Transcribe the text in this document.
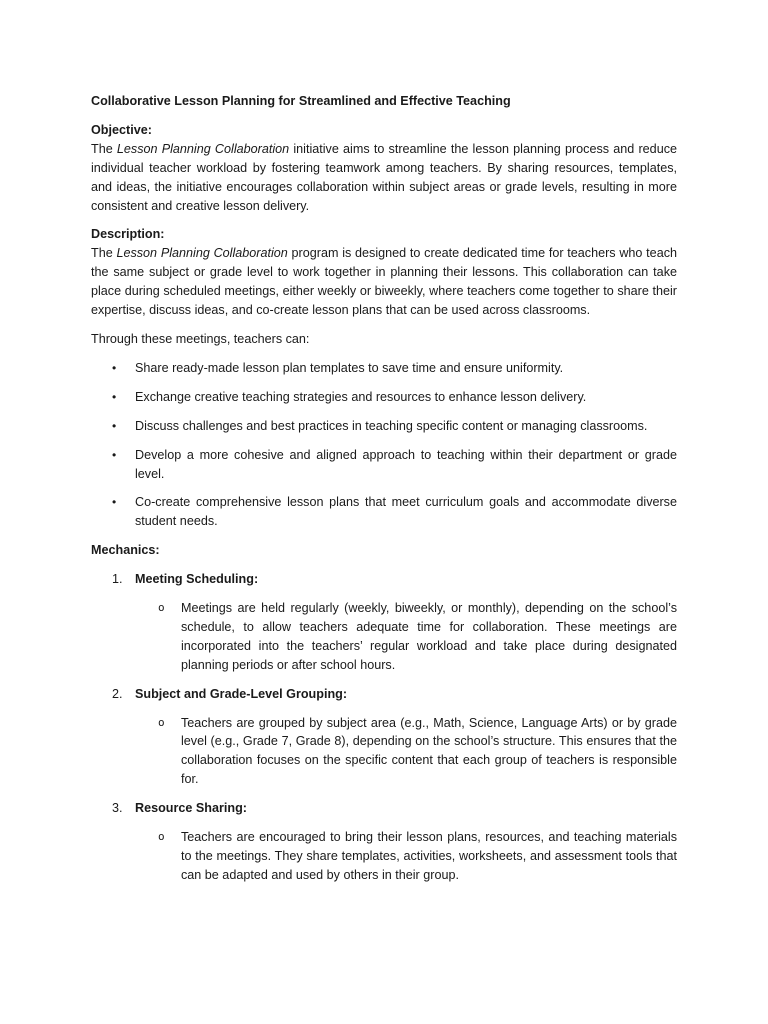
Collaborative Lesson Planning for Streamlined and Effective Teaching

Objective:

The Lesson Planning Collaboration initiative aims to streamline the lesson planning process and reduce individual teacher workload by fostering teamwork among teachers. By sharing resources, templates, and ideas, the initiative encourages collaboration within subject areas or grade levels, resulting in more consistent and creative lesson delivery.

Description:

The Lesson Planning Collaboration program is designed to create dedicated time for teachers who teach the same subject or grade level to work together in planning their lessons. This collaboration can take place during scheduled meetings, either weekly or biweekly, where teachers come together to share their expertise, discuss ideas, and co-create lesson plans that can be used across classrooms.

Through these meetings, teachers can:

• Share ready-made lesson plan templates to save time and ensure uniformity.
• Exchange creative teaching strategies and resources to enhance lesson delivery.
• Discuss challenges and best practices in teaching specific content or managing classrooms.
• Develop a more cohesive and aligned approach to teaching within their department or grade level.
• Co-create comprehensive lesson plans that meet curriculum goals and accommodate diverse student needs.

Mechanics:

1. Meeting Scheduling:
o Meetings are held regularly (weekly, biweekly, or monthly), depending on the school’s schedule, to allow teachers adequate time for collaboration. These meetings are incorporated into the teachers’ regular workload and take place during designated planning periods or after school hours.
2. Subject and Grade-Level Grouping:
o Teachers are grouped by subject area (e.g., Math, Science, Language Arts) or by grade level (e.g., Grade 7, Grade 8), depending on the school’s structure. This ensures that the collaboration focuses on the specific content that each group of teachers is responsible for.
3. Resource Sharing:
o Teachers are encouraged to bring their lesson plans, resources, and teaching materials to the meetings. They share templates, activities, worksheets, and assessment tools that can be adapted and used by others in their group.
